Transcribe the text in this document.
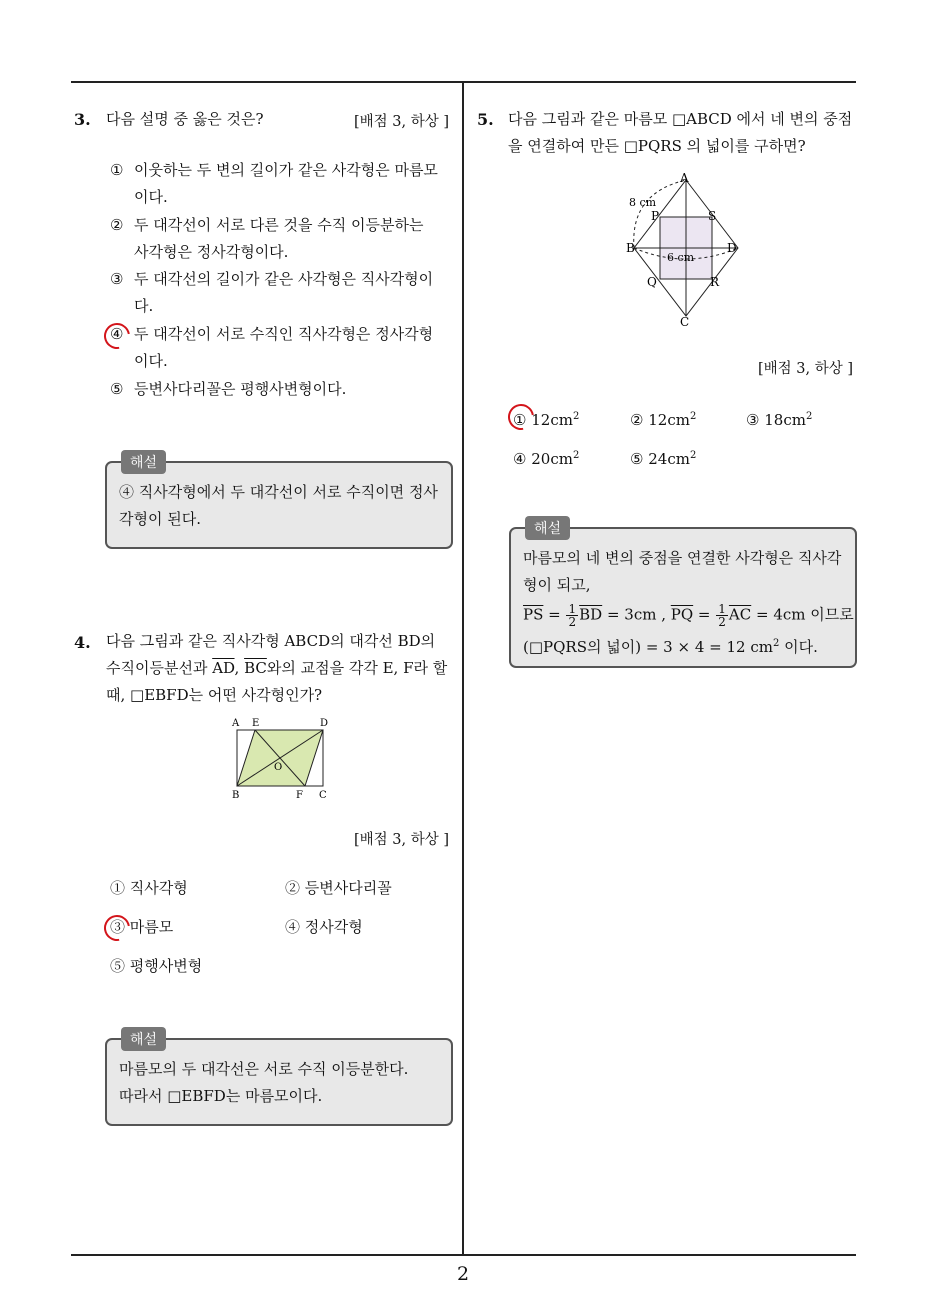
2
3. 다음 설명 중 옳은 것은?	[배점 3, 하상 ]
① 이웃하는 두 변의 길이가 같은 사각형은 마름모
이다.
② 두 대각선이 서로 다른 것을 수직 이등분하는
사각형은 정사각형이다.
③ 두 대각선의 길이가 같은 사각형은 직사각형이
다.
④ 두 대각선이 서로 수직인 직사각형은 정사각형
이다.
⑤ 등변사다리꼴은 평행사변형이다.
해설
④ 직사각형에서 두 대각선이 서로 수직이면 정사
각형이 된다.
4. 다음 그림과 같은 직사각형 ABCD의 대각선 BD의
수직이등분선과 $\overline{AD}$, $\overline{BC}$와의 교점을 각각 E, F라 할
때, □EBFD는 어떤 사각형인가?
A E	D
O
B	F C
[배점 3, 하상 ]
① 직사각형	② 등변사다리꼴
③ 마름모	④ 정사각형
⑤ 평행사변형
해설
마름모의 두 대각선은 서로 수직 이등분한다.
따라서 □EBFD는 마름모이다.
5. 다음 그림과 같은 마름모 □ABCD 에서 네 변의 중점
을 연결하여 만든 □PQRS 의 넓이를 구하면?
A
B	D
C
P	S
Q	R
8 cm
6 cm
[배점 3, 하상 ]
① $12cm^2$	② $12cm^2$	③ $18cm^2$
④ $20cm^2$	⑤ $24cm^2$
해설
마름모의 네 변의 중점을 연결한 사각형은 직사각
형이 되고,
$\overline{PS} = \frac{1}{2} \overline{BD} = 3cm$ , $\overline{PQ} = \frac{1}{2} \overline{AC} = 4cm$ 이므로
(□PQRS의 넓이) = 3 × 4 = 12 $cm^2$ 이다.
